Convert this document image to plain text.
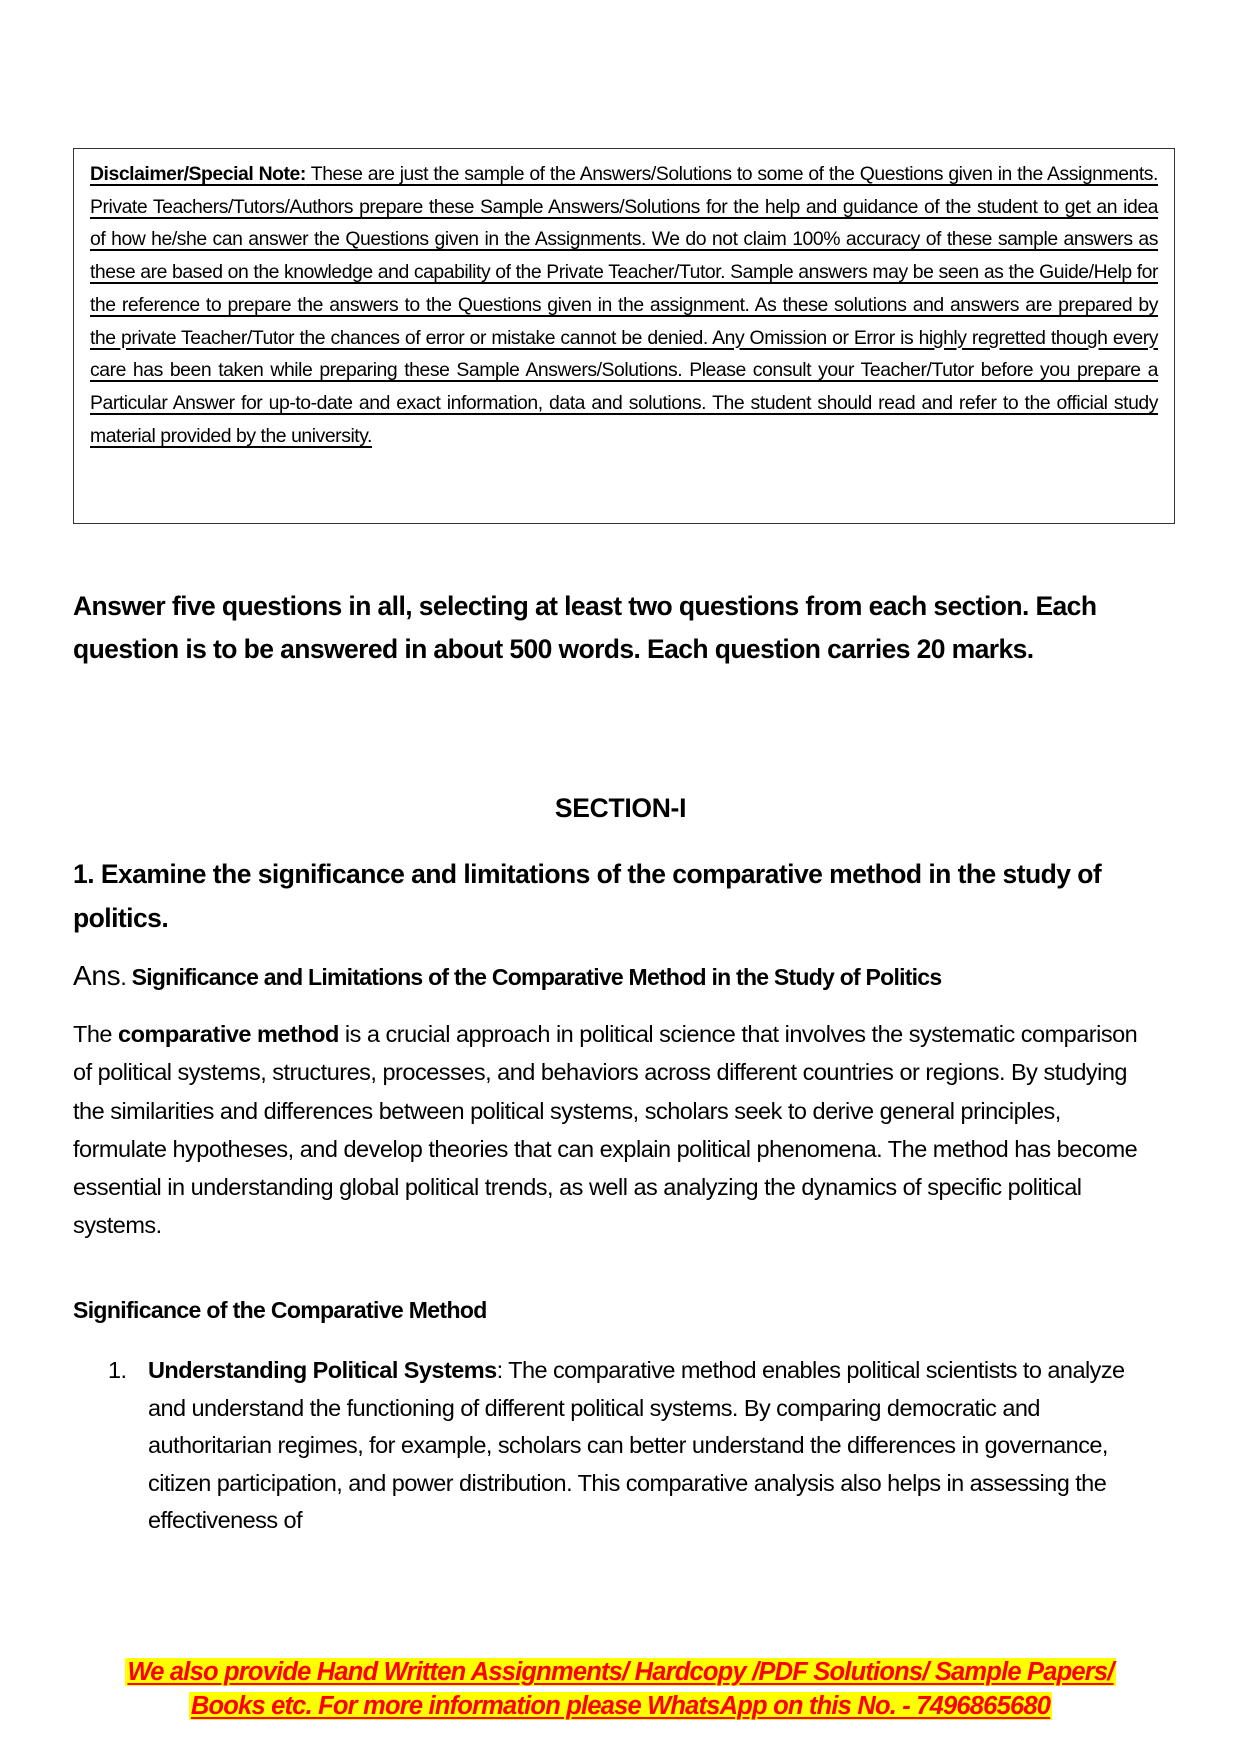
Disclaimer/Special Note: These are just the sample of the Answers/Solutions to some of the Questions given in the Assignments. Private Teachers/Tutors/Authors prepare these Sample Answers/Solutions for the help and guidance of the student to get an idea of how he/she can answer the Questions given in the Assignments. We do not claim 100% accuracy of these sample answers as these are based on the knowledge and capability of the Private Teacher/Tutor. Sample answers may be seen as the Guide/Help for the reference to prepare the answers to the Questions given in the assignment. As these solutions and answers are prepared by the private Teacher/Tutor the chances of error or mistake cannot be denied. Any Omission or Error is highly regretted though every care has been taken while preparing these Sample Answers/Solutions. Please consult your Teacher/Tutor before you prepare a Particular Answer for up-to-date and exact information, data and solutions. The student should read and refer to the official study material provided by the university.

Answer five questions in all, selecting at least two questions from each section. Each question is to be answered in about 500 words. Each question carries 20 marks.

SECTION-I
1. Examine the significance and limitations of the comparative method in the study of politics.

Ans. Significance and Limitations of the Comparative Method in the Study of Politics

The comparative method is a crucial approach in political science that involves the systematic comparison of political systems, structures, processes, and behaviors across different countries or regions. By studying the similarities and differences between political systems, scholars seek to derive general principles, formulate hypotheses, and develop theories that can explain political phenomena. The method has become essential in understanding global political trends, as well as analyzing the dynamics of specific political systems.

Significance of the Comparative Method

1. Understanding Political Systems: The comparative method enables political scientists to analyze and understand the functioning of different political systems. By comparing democratic and authoritarian regimes, for example, scholars can better understand the differences in governance, citizen participation, and power distribution. This comparative analysis also helps in assessing the effectiveness of
We also provide Hand Written Assignments/ Hardcopy /PDF Solutions/ Sample Papers/
Books etc. For more information please WhatsApp on this No. - 7496865680
